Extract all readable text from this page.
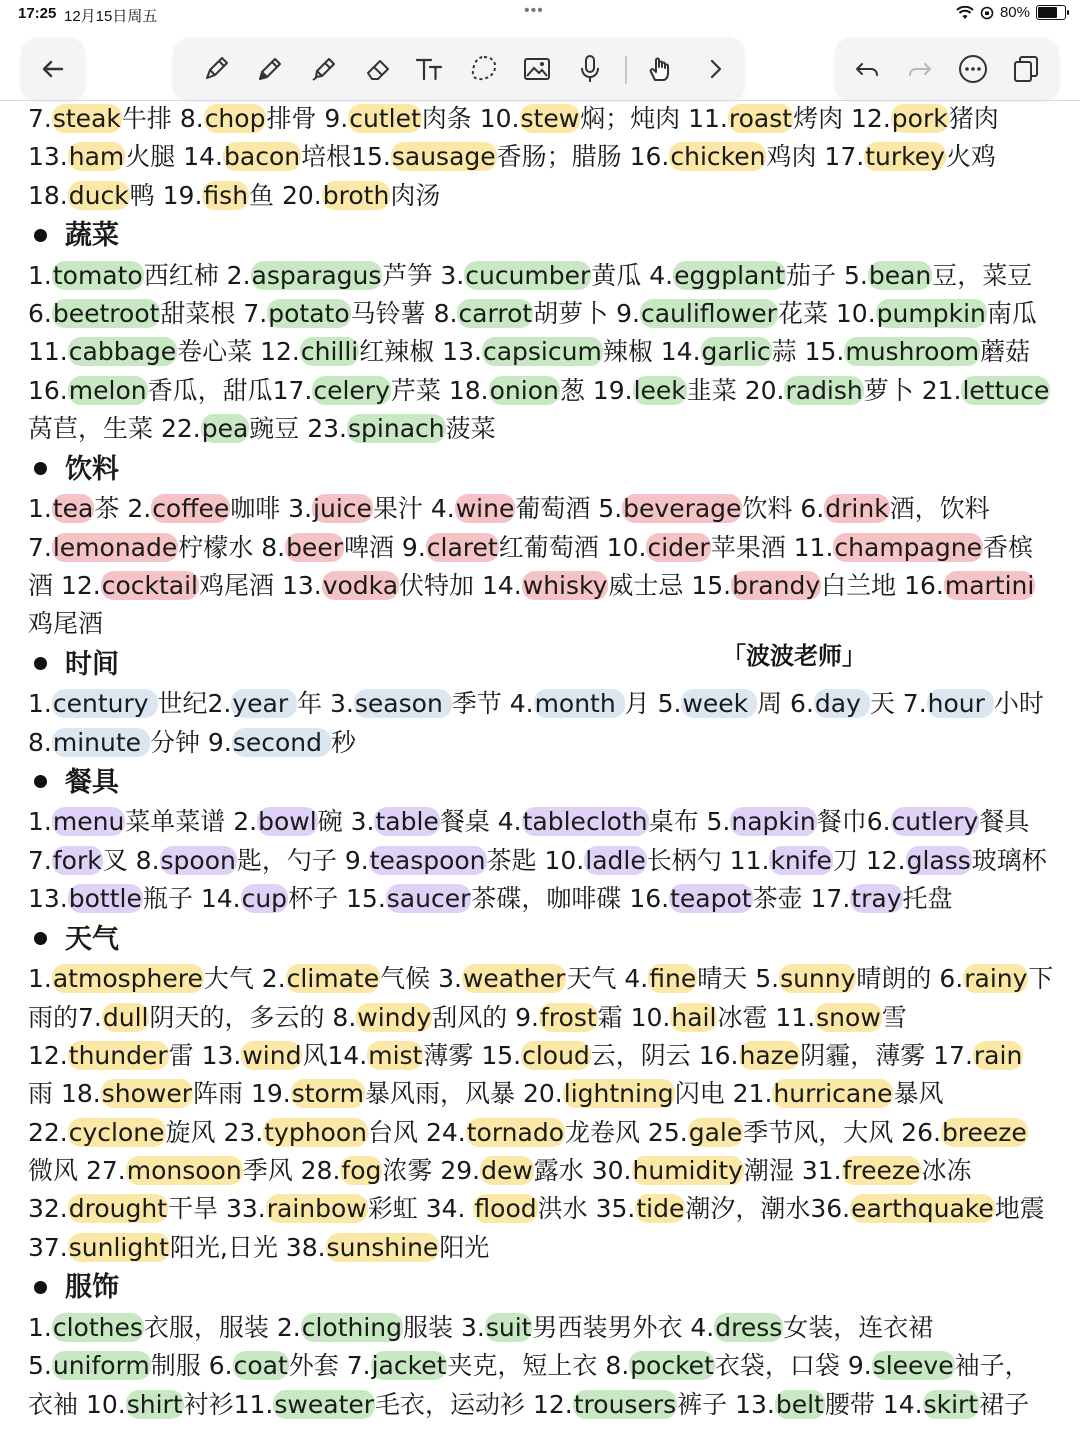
17:25 12月15日周五	•••	80%
7.steak牛排 8.chop排骨 9.cutlet肉条 10.stew焖；炖肉 11.roast烤肉 12.pork猪肉
13.ham火腿 14.bacon培根15.sausage香肠；腊肠 16.chicken鸡肉 17.turkey火鸡
18.duck鸭 19.fish鱼 20.broth肉汤
蔬菜
1.tomato西红柿 2.asparagus芦笋 3.cucumber黄瓜 4.eggplant茄子 5.bean豆，菜豆
6.beetroot甜菜根 7.potato马铃薯 8.carrot胡萝卜 9.cauliflower花菜 10.pumpkin南瓜
11.cabbage卷心菜 12.chilli红辣椒 13.capsicum辣椒 14.garlic蒜 15.mushroom蘑菇
16.melon香瓜，甜瓜17.celery芹菜 18.onion葱 19.leek韭菜 20.radish萝卜 21.lettuce
莴苣，生菜 22.pea豌豆 23.spinach菠菜
饮料
1.tea茶 2.coffee咖啡 3.juice果汁 4.wine葡萄酒 5.beverage饮料 6.drink酒，饮料
7.lemonade柠檬水 8.beer啤酒 9.claret红葡萄酒 10.cider苹果酒 11.champagne香槟
酒 12.cocktail鸡尾酒 13.vodka伏特加 14.whisky威士忌 15.brandy白兰地 16.martini
鸡尾酒
时间
1.century 世纪2.year 年 3.season 季节 4.month 月 5.week 周 6.day 天 7.hour 小时
8.minute 分钟 9.second 秒
餐具
1.menu菜单菜谱 2.bowl碗 3.table餐桌 4.tablecloth桌布 5.napkin餐巾6.cutlery餐具
7.fork叉 8.spoon匙，勺子 9.teaspoon茶匙 10.ladle长柄勺 11.knife刀 12.glass玻璃杯
13.bottle瓶子 14.cup杯子 15.saucer茶碟，咖啡碟 16.teapot茶壶 17.tray托盘
天气
1.atmosphere大气 2.climate气候 3.weather天气 4.fine晴天 5.sunny晴朗的 6.rainy下
雨的7.dull阴天的，多云的 8.windy刮风的 9.frost霜 10.hail冰雹 11.snow雪
12.thunder雷 13.wind风14.mist薄雾 15.cloud云，阴云 16.haze阴霾，薄雾 17.rain
雨 18.shower阵雨 19.storm暴风雨，风暴 20.lightning闪电 21.hurricane暴风
22.cyclone旋风 23.typhoon台风 24.tornado龙卷风 25.gale季节风，大风 26.breeze
微风 27.monsoon季风 28.fog浓雾 29.dew露水 30.humidity潮湿 31.freeze冰冻
32.drought干旱 33.rainbow彩虹 34. flood洪水 35.tide潮汐，潮水36.earthquake地震
37.sunlight阳光,日光 38.sunshine阳光
服饰
1.clothes衣服，服装 2.clothing服装 3.suit男西装男外衣 4.dress女装，连衣裙
5.uniform制服 6.coat外套 7.jacket夹克，短上衣 8.pocket衣袋，口袋 9.sleeve袖子，
衣袖 10.shirt衬衫11.sweater毛衣，运动衫 12.trousers裤子 13.belt腰带 14.skirt裙子
「波波老师」
